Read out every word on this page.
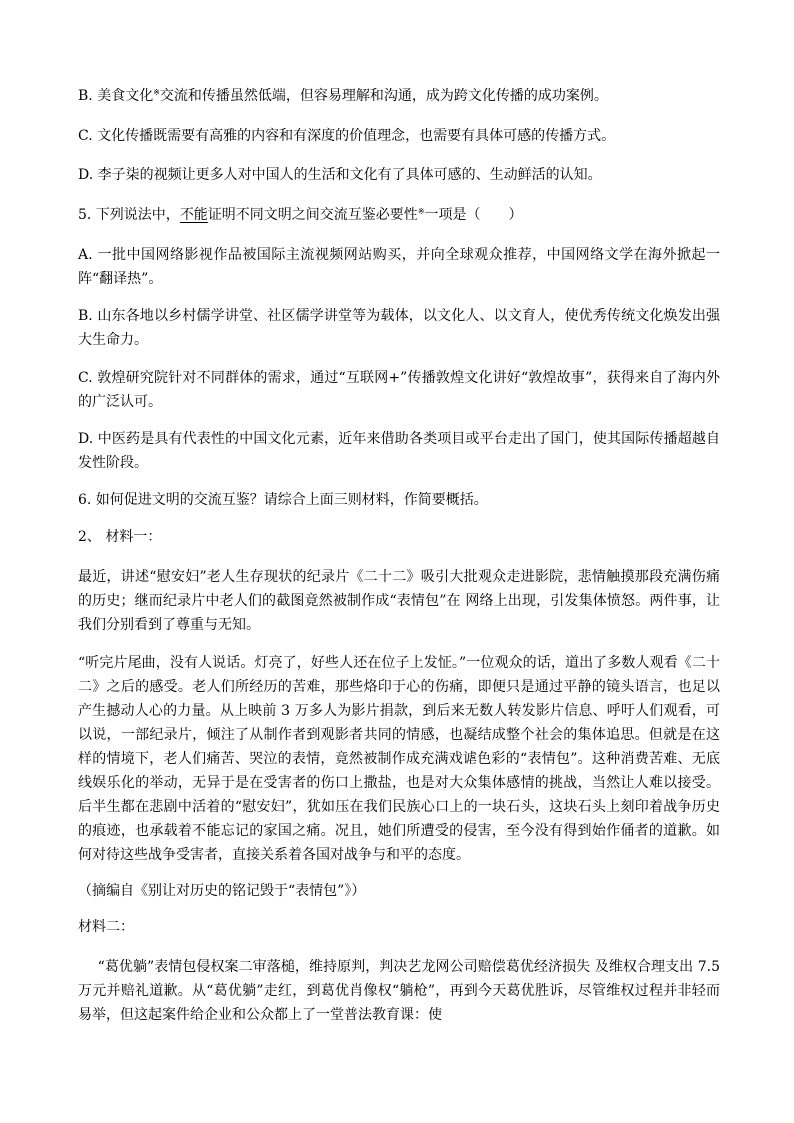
B. 美食文化※交流和传播虽然低端，但容易理解和沟通，成为跨文化传播的成功案例。

C. 文化传播既需要有高雅的内容和有深度的价值理念，也需要有具体可感的传播方式。

D. 李子柒的视频让更多人对中国人的生活和文化有了具体可感的、生动鲜活的认知。

5. 下列说法中，不能证明不同文明之间交流互鉴必要性※一项是（　　）

A. 一批中国网络影视作品被国际主流视频网站购买，并向全球观众推荐，中国网络文学在海外掀起一阵“翻译热”。

B. 山东各地以乡村儒学讲堂、社区儒学讲堂等为载体，以文化人、以文育人，使优秀传统文化焕发出强大生命力。

C. 敦煌研究院针对不同群体的需求，通过“互联网+”传播敦煌文化讲好“敦煌故事”，获得来自了海内外的广泛认可。

D. 中医药是具有代表性的中国文化元素，近年来借助各类项目或平台走出了国门，使其国际传播超越自发性阶段。

6. 如何促进文明的交流互鉴？请综合上面三则材料，作简要概括。

2、 材料一：

最近，讲述“慰安妇”老人生存现状的纪录片《二十二》吸引大批观众走进影院，悲情触摸那段充满伤痛的历史；继而纪录片中老人们的截图竟然被制作成“表情包”在 网络上出现，引发集体愤怒。两件事，让我们分别看到了尊重与无知。

“听完片尾曲，没有人说话。灯亮了，好些人还在位子上发怔。”一位观众的话，道出了多数人观看《二十二》之后的感受。老人们所经历的苦难，那些烙印于心的伤痛，即便只是通过平静的镜头语言，也足以产生撼动人心的力量。从上映前 3 万多人为影片捐款，到后来无数人转发影片信息、呼吁人们观看，可以说，一部纪录片，倾注了从制作者到观影者共同的情感，也凝结成整个社会的集体追思。但就是在这样的情境下，老人们痛苦、哭泣的表情，竟然被制作成充满戏谑色彩的“表情包”。这种消费苦难、无底线娱乐化的举动，无异于是在受害者的伤口上撒盐，也是对大众集体感情的挑战，当然让人难以接受。后半生都在悲剧中活着的“慰安妇”，犹如压在我们民族心口上的一块石头，这块石头上刻印着战争历史的痕迹，也承载着不能忘记的家国之痛。况且，她们所遭受的侵害，至今没有得到始作俑者的道歉。如何对待这些战争受害者，直接关系着各国对战争与和平的态度。

（摘编自《别让对历史的铭记毁于“表情包”》）

材料二：

“葛优躺”表情包侵权案二审落槌，维持原判，判决艺龙网公司赔偿葛优经济损失 及维权合理支出 7.5 万元并赔礼道歉。从“葛优躺”走红，到葛优肖像权“躺枪”，再到今天葛优胜诉，尽管维权过程并非轻而易举，但这起案件给企业和公众都上了一堂普法教育课：使
